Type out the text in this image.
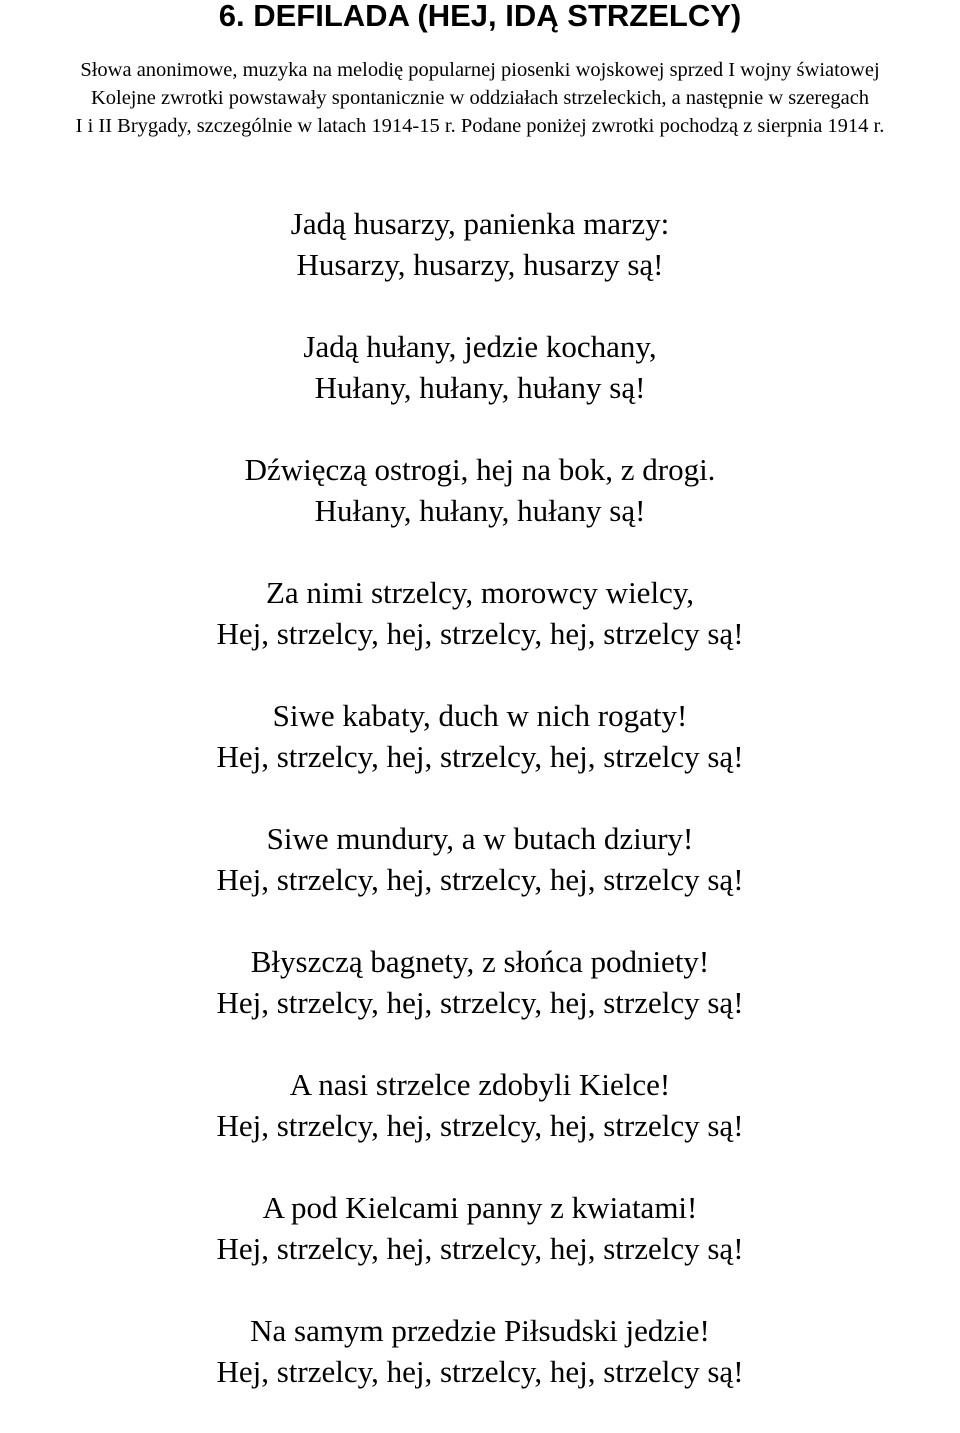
6. DEFILADA (HEJ, IDĄ STRZELCY)
Słowa anonimowe, muzyka na melodię popularnej piosenki wojskowej sprzed I wojny światowej
Kolejne zwrotki powstawały spontanicznie w oddziałach strzeleckich, a następnie w szeregach
I i II Brygady, szczególnie w latach 1914-15 r. Podane poniżej zwrotki pochodzą z sierpnia 1914 r.
Jadą husarzy, panienka marzy:
Husarzy, husarzy, husarzy są!
Jadą hułany, jedzie kochany,
Hułany, hułany, hułany są!
Dźwięczą ostrogi, hej na bok, z drogi.
Hułany, hułany, hułany są!
Za nimi strzelcy, morowcy wielcy,
Hej, strzelcy, hej, strzelcy, hej, strzelcy są!
Siwe kabaty, duch w nich rogaty!
Hej, strzelcy, hej, strzelcy, hej, strzelcy są!
Siwe mundury, a w butach dziury!
Hej, strzelcy, hej, strzelcy, hej, strzelcy są!
Błyszczą bagnety, z słońca podniety!
Hej, strzelcy, hej, strzelcy, hej, strzelcy są!
A nasi strzelce zdobyli Kielce!
Hej, strzelcy, hej, strzelcy, hej, strzelcy są!
A pod Kielcami panny z kwiatami!
Hej, strzelcy, hej, strzelcy, hej, strzelcy są!
Na samym przedzie Piłsudski jedzie!
Hej, strzelcy, hej, strzelcy, hej, strzelcy są!
